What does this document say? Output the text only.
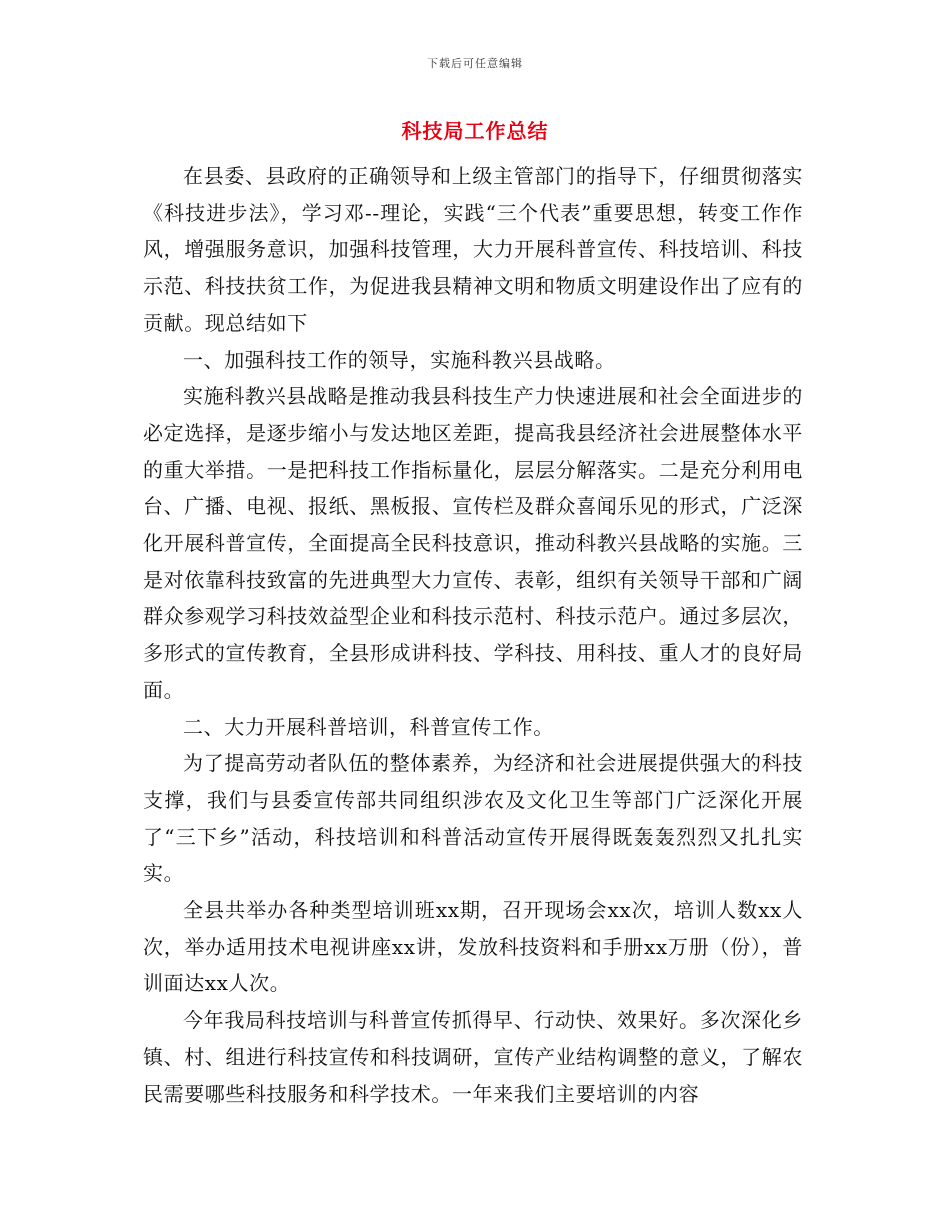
下载后可任意编辑
科技局工作总结

在县委、县政府的正确领导和上级主管部门的指导下，仔细贯彻落实《科技进步法》，学习邓--理论，实践“三个代表”重要思想，转变工作作风，增强服务意识，加强科技管理，大力开展科普宣传、科技培训、科技示范、科技扶贫工作，为促进我县精神文明和物质文明建设作出了应有的贡献。现总结如下

一、加强科技工作的领导，实施科教兴县战略。

实施科教兴县战略是推动我县科技生产力快速进展和社会全面进步的必定选择，是逐步缩小与发达地区差距，提高我县经济社会进展整体水平的重大举措。一是把科技工作指标量化，层层分解落实。二是充分利用电台、广播、电视、报纸、黑板报、宣传栏及群众喜闻乐见的形式，广泛深化开展科普宣传，全面提高全民科技意识，推动科教兴县战略的实施。三是对依靠科技致富的先进典型大力宣传、表彰，组织有关领导干部和广阔群众参观学习科技效益型企业和科技示范村、科技示范户。通过多层次，多形式的宣传教育，全县形成讲科技、学科技、用科技、重人才的良好局面。

二、大力开展科普培训，科普宣传工作。

为了提高劳动者队伍的整体素养，为经济和社会进展提供强大的科技支撑，我们与县委宣传部共同组织涉农及文化卫生等部门广泛深化开展了“三下乡”活动，科技培训和科普活动宣传开展得既轰轰烈烈又扎扎实实。

全县共举办各种类型培训班xx期，召开现场会xx次，培训人数xx人次，举办适用技术电视讲座xx讲，发放科技资料和手册xx万册（份），普训面达xx人次。

今年我局科技培训与科普宣传抓得早、行动快、效果好。多次深化乡镇、村、组进行科技宣传和科技调研，宣传产业结构调整的意义，了解农民需要哪些科技服务和科学技术。一年来我们主要培训的内容
